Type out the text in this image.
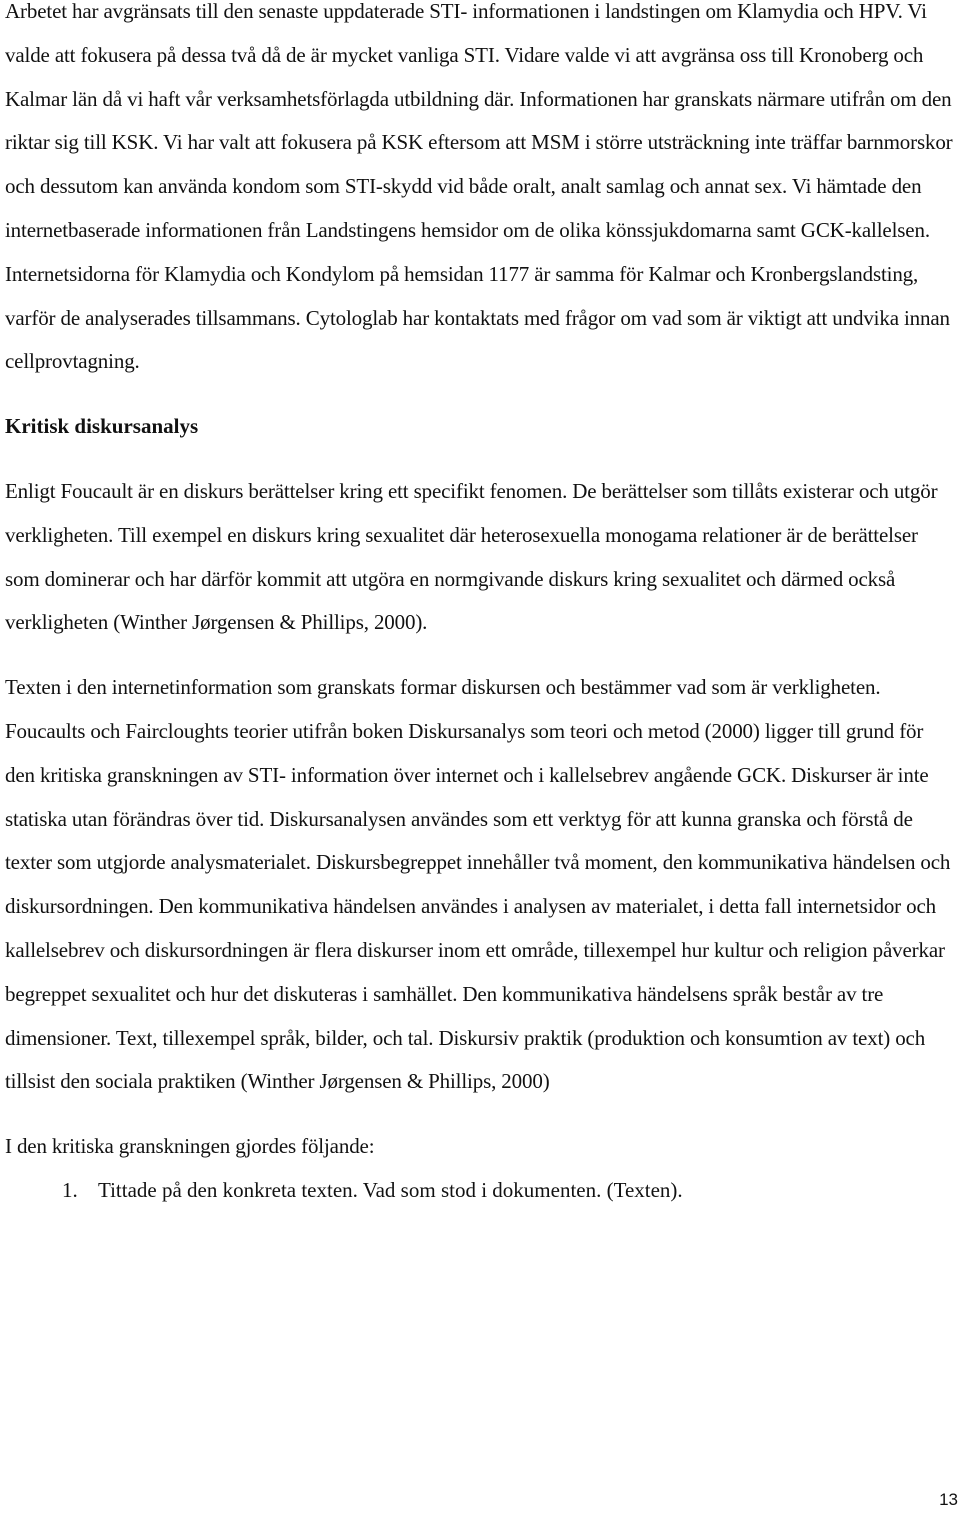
Arbetet har avgränsats till den senaste uppdaterade STI- informationen i landstingen om Klamydia och HPV. Vi valde att fokusera på dessa två då de är mycket vanliga STI. Vidare valde vi att avgränsa oss till Kronoberg och Kalmar län då vi haft vår verksamhetsförlagda utbildning där. Informationen har granskats närmare utifrån om den riktar sig till KSK. Vi har valt att fokusera på KSK eftersom att MSM i större utsträckning inte träffar barnmorskor och dessutom kan använda kondom som STI-skydd vid både oralt, analt samlag och annat sex. Vi hämtade den internetbaserade informationen från Landstingens hemsidor om de olika könssjukdomarna samt GCK-kallelsen. Internetsidorna för Klamydia och Kondylom på hemsidan 1177 är samma för Kalmar och Kronbergslandsting, varför de analyserades tillsammans. Cytologlab har kontaktats med frågor om vad som är viktigt att undvika innan cellprovtagning.

Kritisk diskursanalys

Enligt Foucault är en diskurs berättelser kring ett specifikt fenomen. De berättelser som tillåts existerar och utgör verkligheten. Till exempel en diskurs kring sexualitet där heterosexuella monogama relationer är de berättelser som dominerar och har därför kommit att utgöra en normgivande diskurs kring sexualitet och därmed också verkligheten (Winther Jørgensen & Phillips, 2000).

Texten i den internetinformation som granskats formar diskursen och bestämmer vad som är verkligheten. Foucaults och Faircloughts teorier utifrån boken Diskursanalys som teori och metod (2000) ligger till grund för den kritiska granskningen av STI- information över internet och i kallelsebrev angående GCK. Diskurser är inte statiska utan förändras över tid. Diskursanalysen användes som ett verktyg för att kunna granska och förstå de texter som utgjorde analysmaterialet. Diskursbegreppet innehåller två moment, den kommunikativa händelsen och diskursordningen. Den kommunikativa händelsen användes i analysen av materialet, i detta fall internetsidor och kallelsebrev och diskursordningen är flera diskurser inom ett område, tillexempel hur kultur och religion påverkar begreppet sexualitet och hur det diskuteras i samhället. Den kommunikativa händelsens språk består av tre dimensioner. Text, tillexempel språk, bilder, och tal. Diskursiv praktik (produktion och konsumtion av text) och tillsist den sociala praktiken (Winther Jørgensen & Phillips, 2000)

I den kritiska granskningen gjordes följande:

1. Tittade på den konkreta texten. Vad som stod i dokumenten. (Texten).
13
